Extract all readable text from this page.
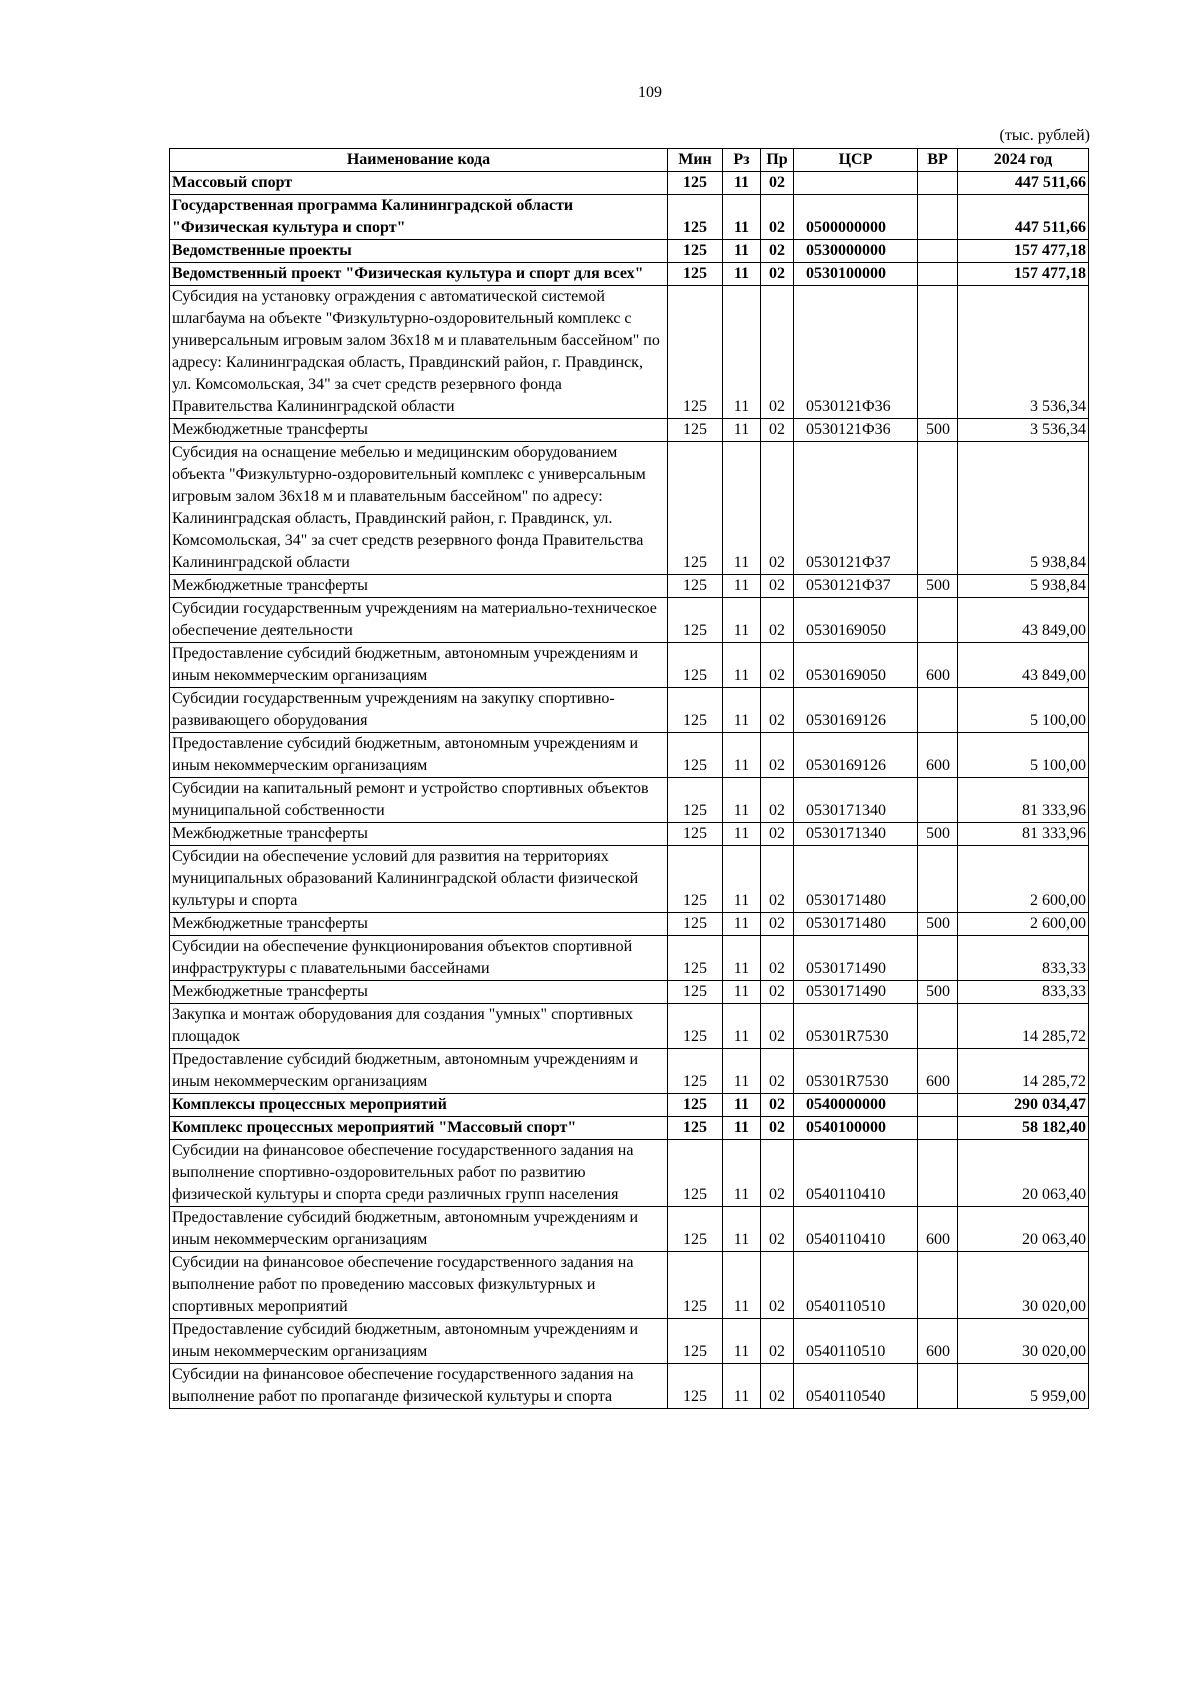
109
(тыс. рублей)
Наименование кода	Мин	Рз	Пр	ЦСР	ВР	2024 год
Массовый спорт	125	11	02			447 511,66
Государственная программа Калининградской области "Физическая культура и спорт"	125	11	02	0500000000		447 511,66
Ведомственные проекты	125	11	02	0530000000		157 477,18
Ведомственный проект "Физическая культура и спорт для всех"	125	11	02	0530100000		157 477,18
Субсидия на установку ограждения с автоматической системой шлагбаума на объекте "Физкультурно-оздоровительный комплекс с универсальным игровым залом 36х18 м и плавательным бассейном" по адресу: Калининградская область, Правдинский район, г. Правдинск, ул. Комсомольская, 34" за счет средств резервного фонда Правительства Калининградской области	125	11	02	0530121Ф36		3 536,34
Межбюджетные трансферты	125	11	02	0530121Ф36	500	3 536,34
Субсидия на оснащение мебелью и медицинским оборудованием объекта "Физкультурно-оздоровительный комплекс с универсальным игровым залом 36х18 м и плавательным бассейном" по адресу: Калининградская область, Правдинский район, г. Правдинск, ул. Комсомольская, 34" за счет средств резервного фонда Правительства Калининградской области	125	11	02	0530121Ф37		5 938,84
Межбюджетные трансферты	125	11	02	0530121Ф37	500	5 938,84
Субсидии государственным учреждениям на материально-техническое обеспечение деятельности	125	11	02	0530169050		43 849,00
Предоставление субсидий бюджетным, автономным учреждениям и иным некоммерческим организациям	125	11	02	0530169050	600	43 849,00
Субсидии государственным учреждениям на закупку спортивно-развивающего оборудования	125	11	02	0530169126		5 100,00
Предоставление субсидий бюджетным, автономным учреждениям и иным некоммерческим организациям	125	11	02	0530169126	600	5 100,00
Субсидии на капитальный ремонт и устройство спортивных объектов муниципальной собственности	125	11	02	0530171340		81 333,96
Межбюджетные трансферты	125	11	02	0530171340	500	81 333,96
Субсидии на обеспечение условий для развития на территориях муниципальных образований Калининградской области физической культуры и спорта	125	11	02	0530171480		2 600,00
Межбюджетные трансферты	125	11	02	0530171480	500	2 600,00
Субсидии на обеспечение функционирования объектов спортивной инфраструктуры с плавательными бассейнами	125	11	02	0530171490		833,33
Межбюджетные трансферты	125	11	02	0530171490	500	833,33
Закупка и монтаж оборудования для создания "умных" спортивных площадок	125	11	02	05301R7530		14 285,72
Предоставление субсидий бюджетным, автономным учреждениям и иным некоммерческим организациям	125	11	02	05301R7530	600	14 285,72
Комплексы процессных мероприятий	125	11	02	0540000000		290 034,47
Комплекс процессных мероприятий "Массовый спорт"	125	11	02	0540100000		58 182,40
Субсидии на финансовое обеспечение государственного задания на выполнение спортивно-оздоровительных работ по развитию физической культуры и спорта среди различных групп населения	125	11	02	0540110410		20 063,40
Предоставление субсидий бюджетным, автономным учреждениям и иным некоммерческим организациям	125	11	02	0540110410	600	20 063,40
Субсидии на финансовое обеспечение государственного задания на выполнение работ по проведению массовых физкультурных и спортивных мероприятий	125	11	02	0540110510		30 020,00
Предоставление субсидий бюджетным, автономным учреждениям и иным некоммерческим организациям	125	11	02	0540110510	600	30 020,00
Субсидии на финансовое обеспечение государственного задания на выполнение работ по пропаганде физической культуры и спорта	125	11	02	0540110540		5 959,00
